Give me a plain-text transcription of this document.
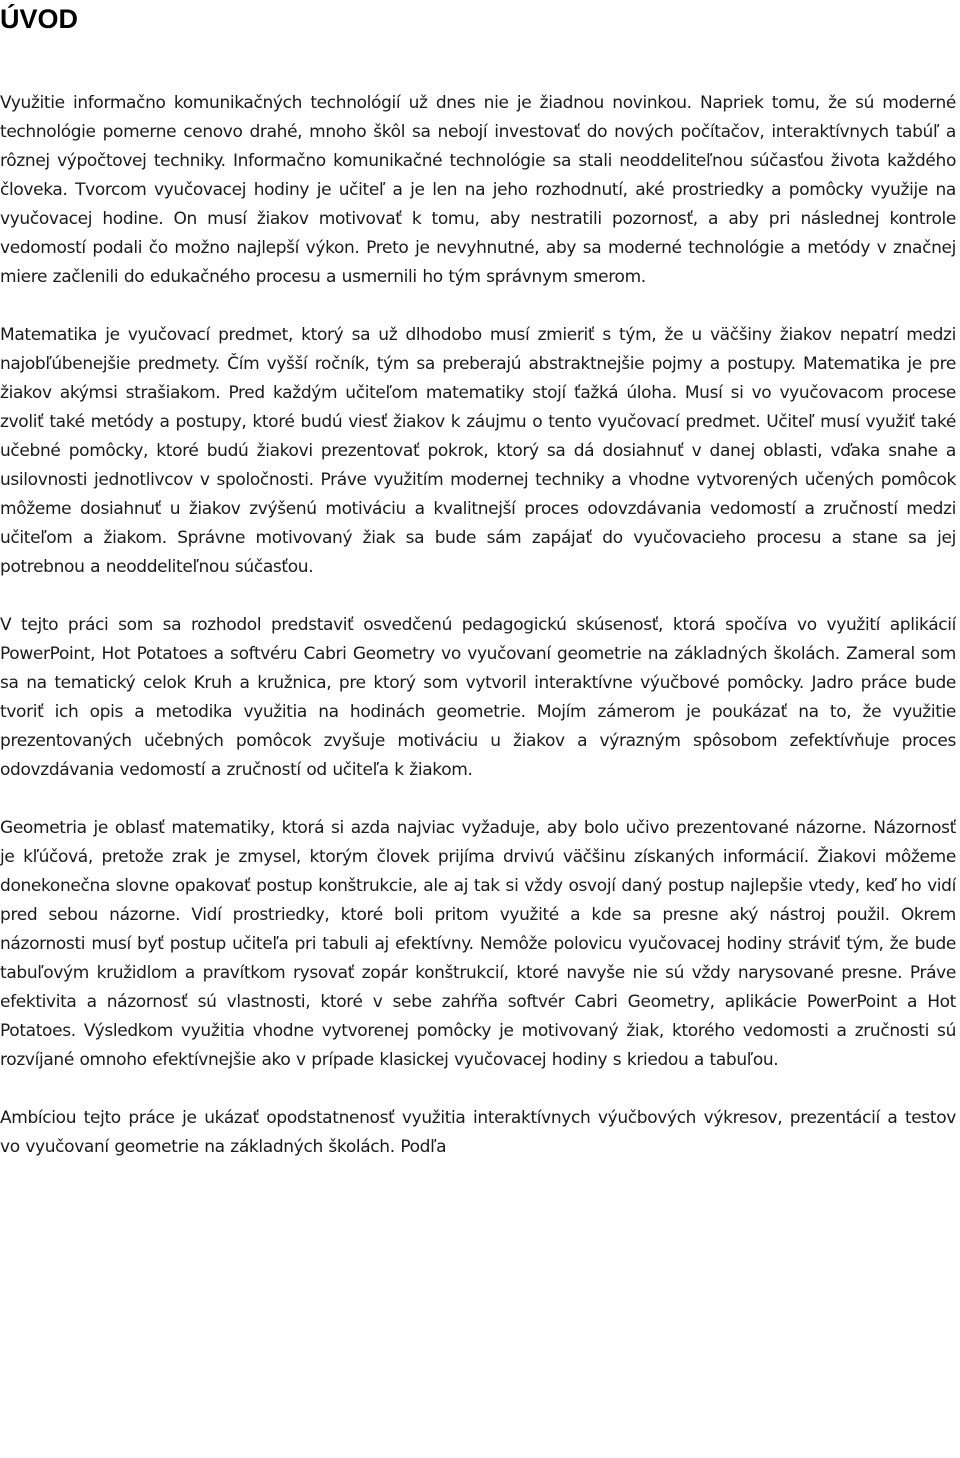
ÚVOD

Využitie informačno komunikačných technológií už dnes nie je žiadnou novinkou. Napriek tomu, že sú moderné technológie pomerne cenovo drahé, mnoho škôl sa nebojí investovať do nových počítačov, interaktívnych tabúľ a rôznej výpočtovej techniky. Informačno komunikačné technológie sa stali neoddeliteľnou súčasťou života každého človeka. Tvorcom vyučovacej hodiny je učiteľ a je len na jeho rozhodnutí, aké prostriedky a pomôcky využije na vyučovacej hodine. On musí žiakov motivovať k tomu, aby nestratili pozornosť, a aby pri následnej kontrole vedomostí podali čo možno najlepší výkon. Preto je nevyhnutné, aby sa moderné technológie a metódy v značnej miere začlenili do edukačného procesu a usmernili ho tým správnym smerom.

Matematika je vyučovací predmet, ktorý sa už dlhodobo musí zmieriť s tým, že u väčšiny žiakov nepatrí medzi najobľúbenejšie predmety. Čím vyšší ročník, tým sa preberajú abstraktnejšie pojmy a postupy. Matematika je pre žiakov akýmsi strašiakom. Pred každým učiteľom matematiky stojí ťažká úloha. Musí si vo vyučovacom procese zvoliť také metódy a postupy, ktoré budú viesť žiakov k záujmu o tento vyučovací predmet. Učiteľ musí využiť také učebné pomôcky, ktoré budú žiakovi prezentovať pokrok, ktorý sa dá dosiahnuť v danej oblasti, vďaka snahe a usilovnosti jednotlivcov v spoločnosti. Práve využitím modernej techniky a vhodne vytvorených učených pomôcok môžeme dosiahnuť u žiakov zvýšenú motiváciu a kvalitnejší proces odovzdávania vedomostí a zručností medzi učiteľom a žiakom. Správne motivovaný žiak sa bude sám zapájať do vyučovacieho procesu a stane sa jej potrebnou a neoddeliteľnou súčasťou.

V tejto práci som sa rozhodol predstaviť osvedčenú pedagogickú skúsenosť, ktorá spočíva vo využití aplikácií PowerPoint, Hot Potatoes a softvéru Cabri Geometry vo vyučovaní geometrie na základných školách. Zameral som sa na tematický celok Kruh a kružnica, pre ktorý som vytvoril interaktívne výučbové pomôcky. Jadro práce bude tvoriť ich opis a metodika využitia na hodinách geometrie. Mojím zámerom je poukázať na to, že využitie prezentovaných učebných pomôcok zvyšuje motiváciu u žiakov a výrazným spôsobom zefektívňuje proces odovzdávania vedomostí a zručností od učiteľa k žiakom.

Geometria je oblasť matematiky, ktorá si azda najviac vyžaduje, aby bolo učivo prezentované názorne. Názornosť je kľúčová, pretože zrak je zmysel, ktorým človek prijíma drvivú väčšinu získaných informácií. Žiakovi môžeme donekonečna slovne opakovať postup konštrukcie, ale aj tak si vždy osvojí daný postup najlepšie vtedy, keď ho vidí pred sebou názorne. Vidí prostriedky, ktoré boli pritom využité a kde sa presne aký nástroj použil. Okrem názornosti musí byť postup učiteľa pri tabuli aj efektívny. Nemôže polovicu vyučovacej hodiny stráviť tým, že bude tabuľovým kružidlom a pravítkom rysovať zopár konštrukcií, ktoré navyše nie sú vždy narysované presne. Práve efektivita a názornosť sú vlastnosti, ktoré v sebe zahŕňa softvér Cabri Geometry, aplikácie PowerPoint a Hot Potatoes. Výsledkom využitia vhodne vytvorenej pomôcky je motivovaný žiak, ktorého vedomosti a zručnosti sú rozvíjané omnoho efektívnejšie ako v prípade klasickej vyučovacej hodiny s kriedou a tabuľou.

Ambíciou tejto práce je ukázať opodstatnenosť využitia interaktívnych výučbových výkresov, prezentácií a testov vo vyučovaní geometrie na základných školách. Podľa
